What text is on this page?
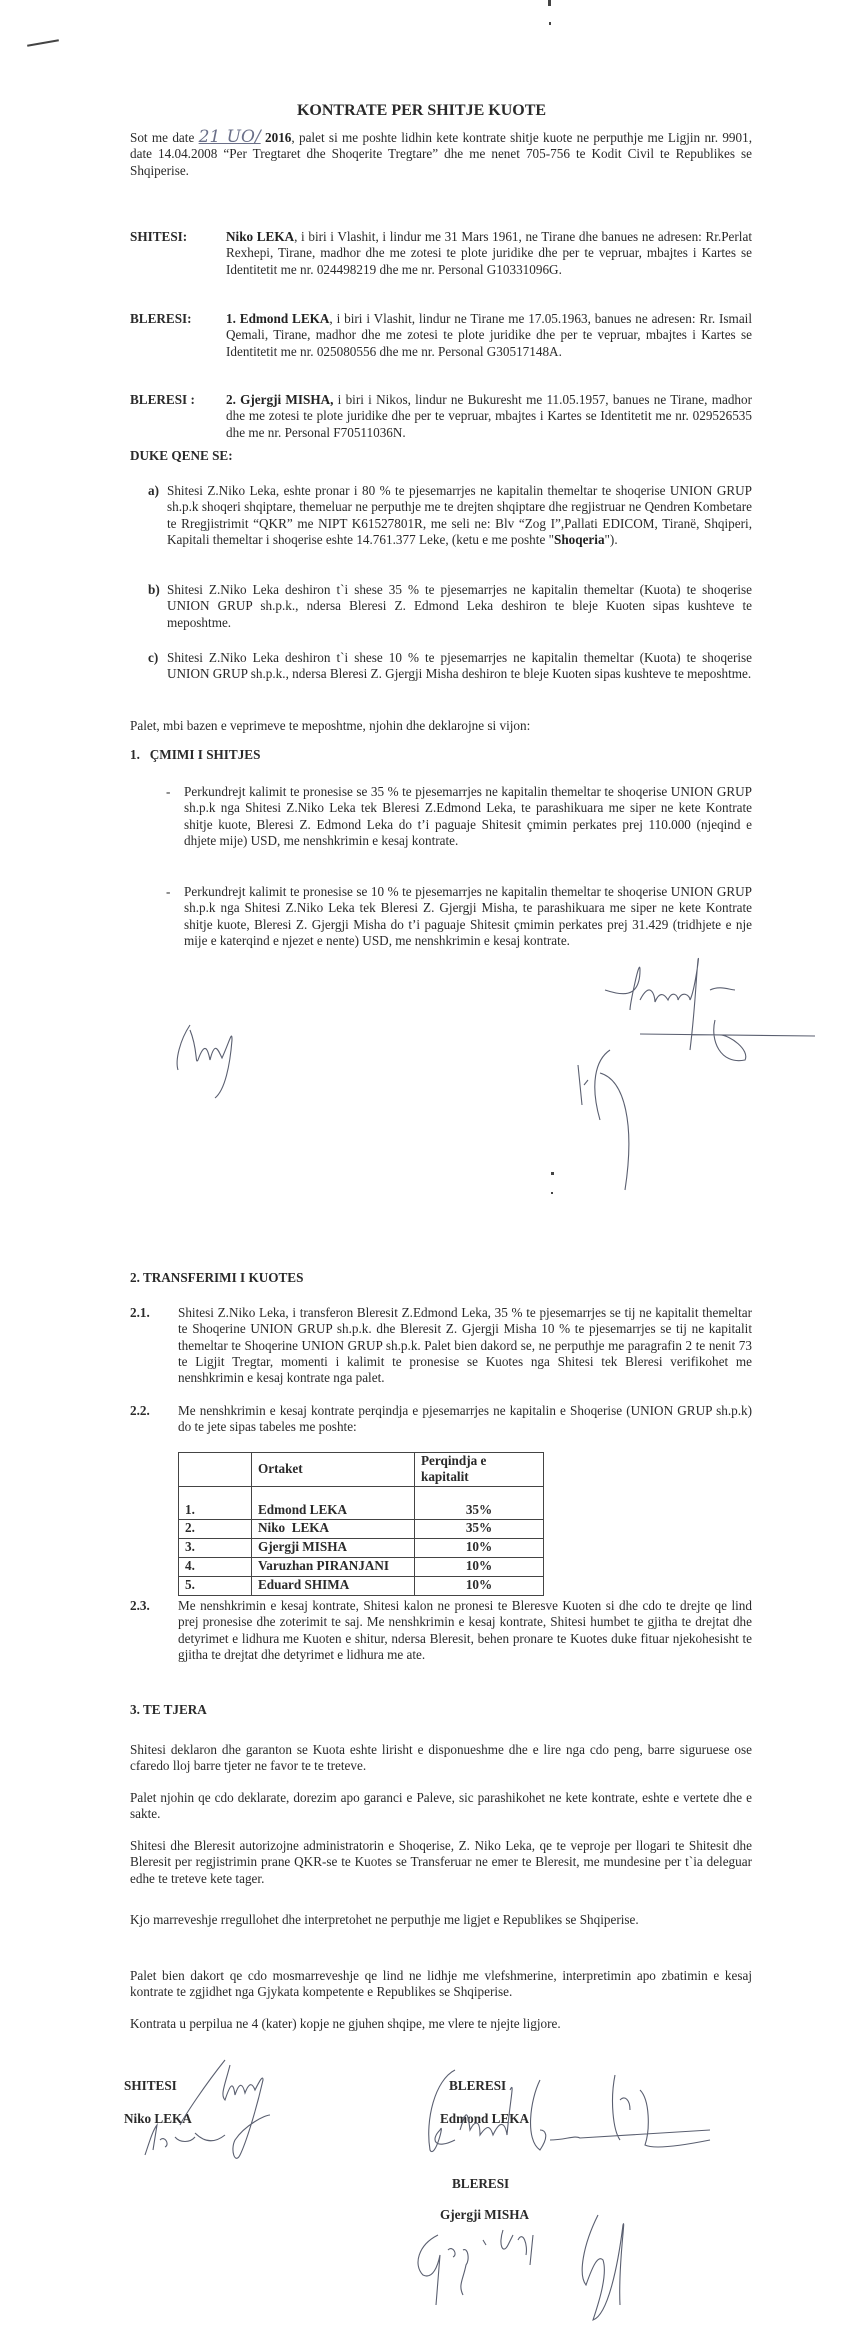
KONTRATE PER SHITJE KUOTE
Sot me date 21 UO/ 2016, palet si me poshte lidhin kete kontrate shitje kuote ne perputhje me Ligjin nr. 9901, date 14.04.2008 “Per Tregtaret dhe Shoqerite Tregtare” dhe me nenet 705-756 te Kodit Civil te Republikes se Shqiperise.
SHITESI:	Niko LEKA, i biri i Vlashit, i lindur me 31 Mars 1961, ne Tirane dhe banues ne adresen: Rr.Perlat Rexhepi, Tirane, madhor dhe me zotesi te plote juridike dhe per te vepruar, mbajtes i Kartes se Identitetit me nr. 024498219 dhe me nr. Personal G10331096G.
BLERESI:	1. Edmond LEKA, i biri i Vlashit, lindur ne Tirane me 17.05.1963, banues ne adresen: Rr. Ismail Qemali, Tirane, madhor dhe me zotesi te plote juridike dhe per te vepruar, mbajtes i Kartes se Identitetit me nr. 025080556 dhe me nr. Personal G30517148A.
BLERESI : 2. Gjergji MISHA, i biri i Nikos, lindur ne Bukuresht me 11.05.1957, banues ne Tirane, madhor dhe me zotesi te plote juridike dhe per te vepruar, mbajtes i Kartes se Identitetit me nr. 029526535 dhe me nr. Personal F70511036N.
DUKE QENE SE:
a) Shitesi Z.Niko Leka, eshte pronar i 80 % te pjesemarrjes ne kapitalin themeltar te shoqerise UNION GRUP sh.p.k shoqeri shqiptare, themeluar ne perputhje me te drejten shqiptare dhe regjistruar ne Qendren Kombetare te Rregjistrimit “QKR” me NIPT K61527801R, me seli ne: Blv “Zog I”,Pallati EDICOM, Tiranë, Shqiperi, Kapitali themeltar i shoqerise eshte 14.761.377 Leke, (ketu e me poshte "Shoqeria").
b) Shitesi Z.Niko Leka deshiron t`i shese 35 % te pjesemarrjes ne kapitalin themeltar (Kuota) te shoqerise UNION GRUP sh.p.k., ndersa Bleresi Z. Edmond Leka deshiron te bleje Kuoten sipas kushteve te meposhtme.
c) Shitesi Z.Niko Leka deshiron t`i shese 10 % te pjesemarrjes ne kapitalin themeltar (Kuota) te shoqerise UNION GRUP sh.p.k., ndersa Bleresi Z. Gjergji Misha deshiron te bleje Kuoten sipas kushteve te meposhtme.
Palet, mbi bazen e veprimeve te meposhtme, njohin dhe deklarojne si vijon:
1.   ÇMIMI I SHITJES
- Perkundrejt kalimit te pronesise se 35 % te pjesemarrjes ne kapitalin themeltar te shoqerise UNION GRUP sh.p.k nga Shitesi Z.Niko Leka tek Bleresi Z.Edmond Leka, te parashikuara me siper ne kete Kontrate shitje kuote, Bleresi Z. Edmond Leka do t’i paguaje Shitesit çmimin perkates prej 110.000 (njeqind e dhjete mije) USD, me nenshkrimin e kesaj kontrate.
- Perkundrejt kalimit te pronesise se 10 % te pjesemarrjes ne kapitalin themeltar te shoqerise UNION GRUP sh.p.k nga Shitesi Z.Niko Leka tek Bleresi Z. Gjergji Misha, te parashikuara me siper ne kete Kontrate shitje kuote, Bleresi Z. Gjergji Misha do t’i paguaje Shitesit çmimin perkates prej 31.429 (tridhjete e nje mije e katerqind e njezet e nente) USD, me nenshkrimin e kesaj kontrate.
2. TRANSFERIMI I KUOTES
2.1. Shitesi Z.Niko Leka, i transferon Bleresit Z.Edmond Leka, 35 % te pjesemarrjes se tij ne kapitalit themeltar te Shoqerine UNION GRUP sh.p.k. dhe Bleresit Z. Gjergji Misha 10 % te pjesemarrjes se tij ne kapitalit themeltar te Shoqerine UNION GRUP sh.p.k. Palet bien dakord se, ne perputhje me paragrafin 2 te nenit 73 te Ligjit Tregtar, momenti i kalimit te pronesise se Kuotes nga Shitesi tek Bleresi verifikohet me nenshkrimin e kesaj kontrate nga palet.
2.2. Me nenshkrimin e kesaj kontrate perqindja e pjesemarrjes ne kapitalin e Shoqerise (UNION GRUP sh.p.k) do te jete sipas tabeles me poshte:
	Ortaket	Perqindja e kapitalit
1.	Edmond LEKA	35%
2.	Niko  LEKA	35%
3.	Gjergji MISHA	10%
4.	Varuzhan PIRANJANI	10%
5.	Eduard SHIMA	10%
2.3. Me nenshkrimin e kesaj kontrate, Shitesi kalon ne pronesi te Bleresve Kuoten si dhe cdo te drejte qe lind prej pronesise dhe zoterimit te saj. Me nenshkrimin e kesaj kontrate, Shitesi humbet te gjitha te drejtat dhe detyrimet e lidhura me Kuoten e shitur, ndersa Bleresit, behen pronare te Kuotes duke fituar njekohesisht te gjitha te drejtat dhe detyrimet e lidhura me ate.
3. TE TJERA
Shitesi deklaron dhe garanton se Kuota eshte lirisht e disponueshme dhe e lire nga cdo peng, barre siguruese ose cfaredo lloj barre tjeter ne favor te te treteve.
Palet njohin qe cdo deklarate, dorezim apo garanci e Paleve, sic parashikohet ne kete kontrate, eshte e vertete dhe e sakte.
Shitesi dhe Bleresit autorizojne administratorin e Shoqerise, Z. Niko Leka, qe te veproje per llogari te Shitesit dhe Bleresit per regjistrimin prane QKR-se te Kuotes se Transferuar ne emer te Bleresit, me mundesine per t`ia deleguar edhe te treteve kete tager.
Kjo marreveshje rregullohet dhe interpretohet ne perputhje me ligjet e Republikes se Shqiperise.
Palet bien dakort qe cdo mosmarreveshje qe lind ne lidhje me vlefshmerine, interpretimin apo zbatimin e kesaj kontrate te zgjidhet nga Gjykata kompetente e Republikes se Shqiperise.
Kontrata u perpilua ne 4 (kater) kopje ne gjuhen shqipe, me vlere te njejte ligjore.
SHITESI
Niko LEKA
BLERESI
Edmond LEKA
BLERESI
Gjergji MISHA
